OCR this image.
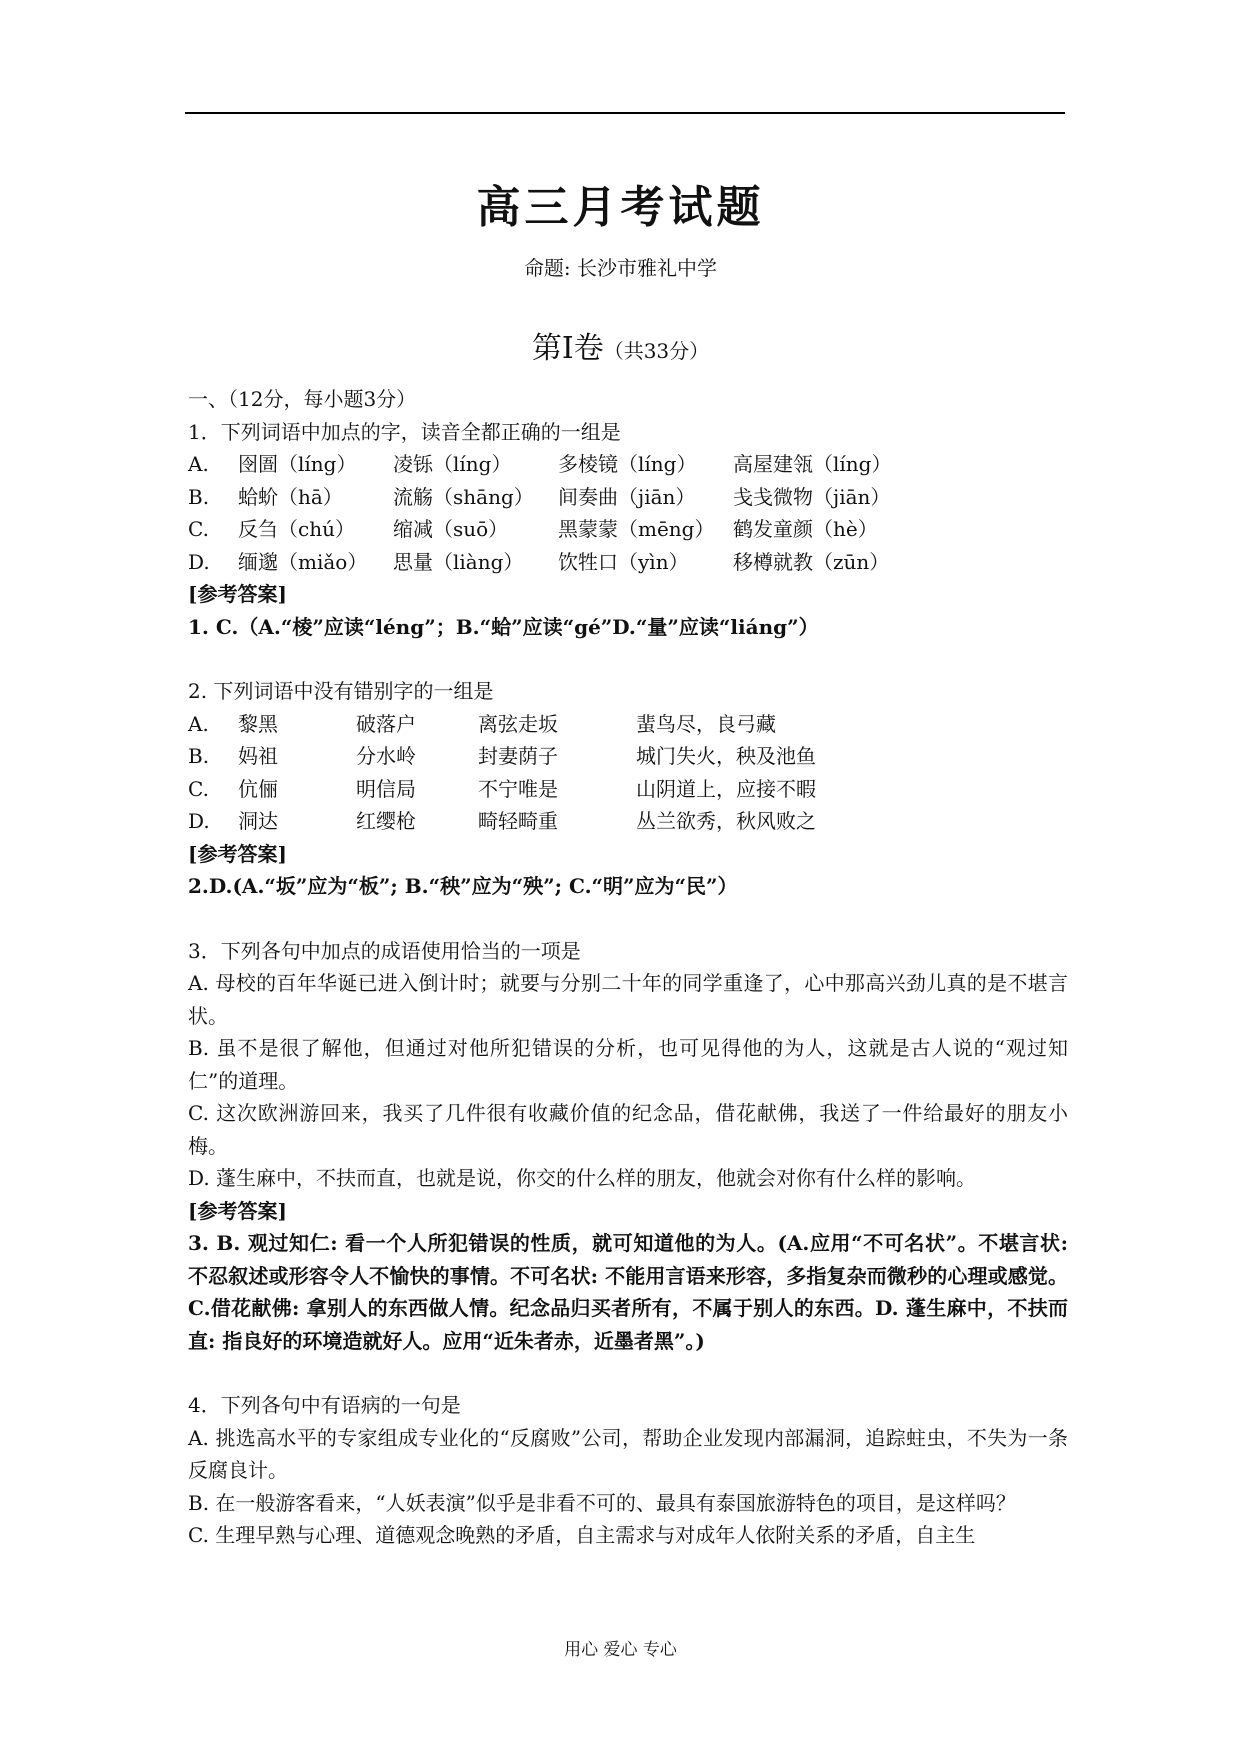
高三月考试题
命题: 长沙市雅礼中学
第Ⅰ卷（共33分）
一、（12分，每小题3分）
1．下列词语中加点的字，读音全都正确的一组是
A. 囹圄（líng） 凌铄（líng） 多棱镜（líng） 高屋建瓴（líng）
B. 蛤蚧（hā）	流觞（shāng） 间奏曲（jiān） 戋戋微物（jiān）
C. 反刍（chú） 缩减（suō） 黑蒙蒙（mēng） 鹤发童颜（hè）
D. 缅邈（miǎo） 思量（liàng） 饮牲口（yìn） 移樽就教（zūn）
[参考答案]
1. C.（A.“棱”应读“léng”；B.“蛤”应读“gé”D.“量”应读“liáng”）
2. 下列词语中没有错别字的一组是
A. 黎黑	破落户	离弦走坂	蜚鸟尽，良弓藏
B. 妈祖	分水岭	封妻荫子	城门失火，秧及池鱼
C. 伉俪	明信局	不宁唯是	山阴道上，应接不暇
D. 洞达	红缨枪	畸轻畸重	丛兰欲秀，秋风败之
[参考答案]
2.D.(A.“坂”应为“板”; B.“秧”应为“殃”; C.“明”应为“民”）
3．下列各句中加点的成语使用恰当的一项是
A. 母校的百年华诞已进入倒计时；就要与分别二十年的同学重逢了，心中那高兴劲儿真的是不堪言状。
B. 虽不是很了解他，但通过对他所犯错误的分析，也可见得他的为人，这就是古人说的“观过知仁”的道理。
C. 这次欧洲游回来，我买了几件很有收藏价值的纪念品，借花献佛，我送了一件给最好的朋友小梅。
D. 蓬生麻中，不扶而直，也就是说，你交的什么样的朋友，他就会对你有什么样的影响。
[参考答案]
3. B. 观过知仁: 看一个人所犯错误的性质，就可知道他的为人。(A.应用“不可名状”。不堪言状: 不忍叙述或形容令人不愉快的事情。不可名状: 不能用言语来形容，多指复杂而微秒的心理或感觉。 C.借花献佛: 拿别人的东西做人情。纪念品归买者所有，不属于别人的东西。D. 蓬生麻中，不扶而直: 指良好的环境造就好人。应用“近朱者赤，近墨者黑”。)
4．下列各句中有语病的一句是
A. 挑选高水平的专家组成专业化的“反腐败”公司，帮助企业发现内部漏洞，追踪蛀虫，不失为一条反腐良计。
B. 在一般游客看来，“人妖表演”似乎是非看不可的、最具有泰国旅游特色的项目，是这样吗？
C. 生理早熟与心理、道德观念晚熟的矛盾，自主需求与对成年人依附关系的矛盾，自主生
用心 爱心 专心
